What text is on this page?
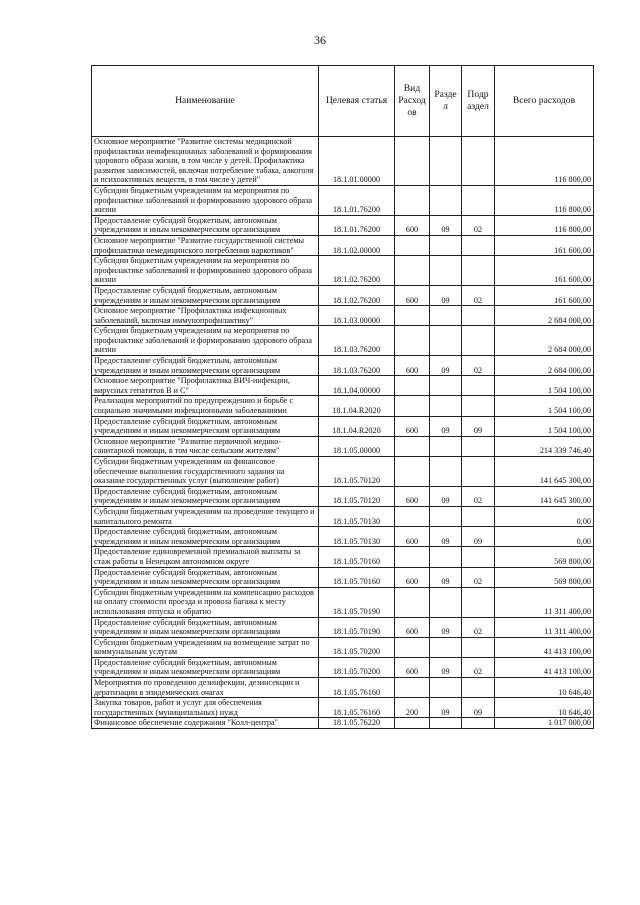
36
Наименование	Целевая статья	Вид Расход ов	Разде л	Подр аздел	Всего расходов
Основное мероприятие "Развитие системы медицинской профилактики неинфекционных заболеваний и формирования здорового образа жизни, в том числе у детей. Профилактика развития зависимостей, включая потребление табака, алкоголя и психоактивных веществ, в том числе у детей"	18.1.01.00000				116 800,00
Субсидии бюджетным учреждениям на мероприятия по профилактике заболеваний и формированию здорового образа жизни	18.1.01.76200				116 800,00
Предоставление субсидий бюджетным, автономным учреждениям и иным некоммерческим организациям	18.1.01.76200	600	09	02	116 800,00
Основное мероприятие "Развитие государственной системы профилактики немедицинского потребления наркотиков"	18.1.02.00000				161 600,00
Субсидии бюджетным учреждениям на мероприятия по профилактике заболеваний и формированию здорового образа жизни	18.1.02.76200				161 600,00
Предоставление субсидий бюджетным, автономным учреждениям и иным некоммерческим организациям	18.1.02.76200	600	09	02	161 600,00
Основное мероприятие "Профилактика инфекционных заболеваний, включая иммунопрофилактику"	18.1.03.00000				2 684 000,00
Субсидии бюджетным учреждениям на мероприятия по профилактике заболеваний и формированию здорового образа жизни	18.1.03.76200				2 684 000,00
Предоставление субсидий бюджетным, автономным учреждениям и иным некоммерческим организациям	18.1.03.76200	600	09	02	2 684 000,00
Основное мероприятие "Профилактика ВИЧ-инфекции, вирусных гепатитов В и С"	18.1.04.00000				1 504 100,00
Реализация мероприятий по предупреждению и борьбе с социально значимыми инфекционными заболеваниями	18.1.04.R2020				1 504 100,00
Предоставление субсидий бюджетным, автономным учреждениям и иным некоммерческим организациям	18.1.04.R2020	600	09	09	1 504 100,00
Основное мероприятие "Развитие первичной медико-санитарной помощи, в том числе сельским жителям"	18.1.05.00000				214 339 746,40
Субсидии бюджетным учреждениям на финансовое обеспечение выполнения государственного задания на оказание государственных услуг (выполнение работ)	18.1.05.70120				141 645 300,00
Предоставление субсидий бюджетным, автономным учреждениям и иным некоммерческим организациям	18.1.05.70120	600	09	02	141 645 300,00
Субсидии бюджетным учреждениям на проведение текущего и капитального ремонта	18.1.05.70130				0,00
Предоставление субсидий бюджетным, автономным учреждениям и иным некоммерческим организациям	18.1.05.70130	600	09	09	0,00
Предоставление единовременной премиальной выплаты за стаж работы в Ненецком автономном округе	18.1.05.70160				569 800,00
Предоставление субсидий бюджетным, автономным учреждениям и иным некоммерческим организациям	18.1.05.70160	600	09	02	569 800,00
Субсидии бюджетным учреждениям на компенсацию расходов на оплату стоимости проезда и провоза багажа к месту использования отпуска и обратно	18.1.05.70190				11 311 400,00
Предоставление субсидий бюджетным, автономным учреждениям и иным некоммерческим организациям	18.1.05.70190	600	09	02	11 311 400,00
Субсидии бюджетным учреждениям на возмещение затрат по коммунальным услугам	18.1.05.70200				41 413 100,00
Предоставление субсидий бюджетным, автономным учреждениям и иным некоммерческим организациям	18.1.05.70200	600	09	02	41 413 100,00
Мероприятия по проведению дезинфекции, дезинсекции и дератизации в эпидемических очагах	18.1.05.76160				10 646,40
Закупка товаров, работ и услуг для обеспечения государственных (муниципальных) нужд	18.1.05.76160	200	09	09	10 646,40
Финансовое обеспечение содержания "Колл-центра"	18.1.05.76220				1 017 000,00
